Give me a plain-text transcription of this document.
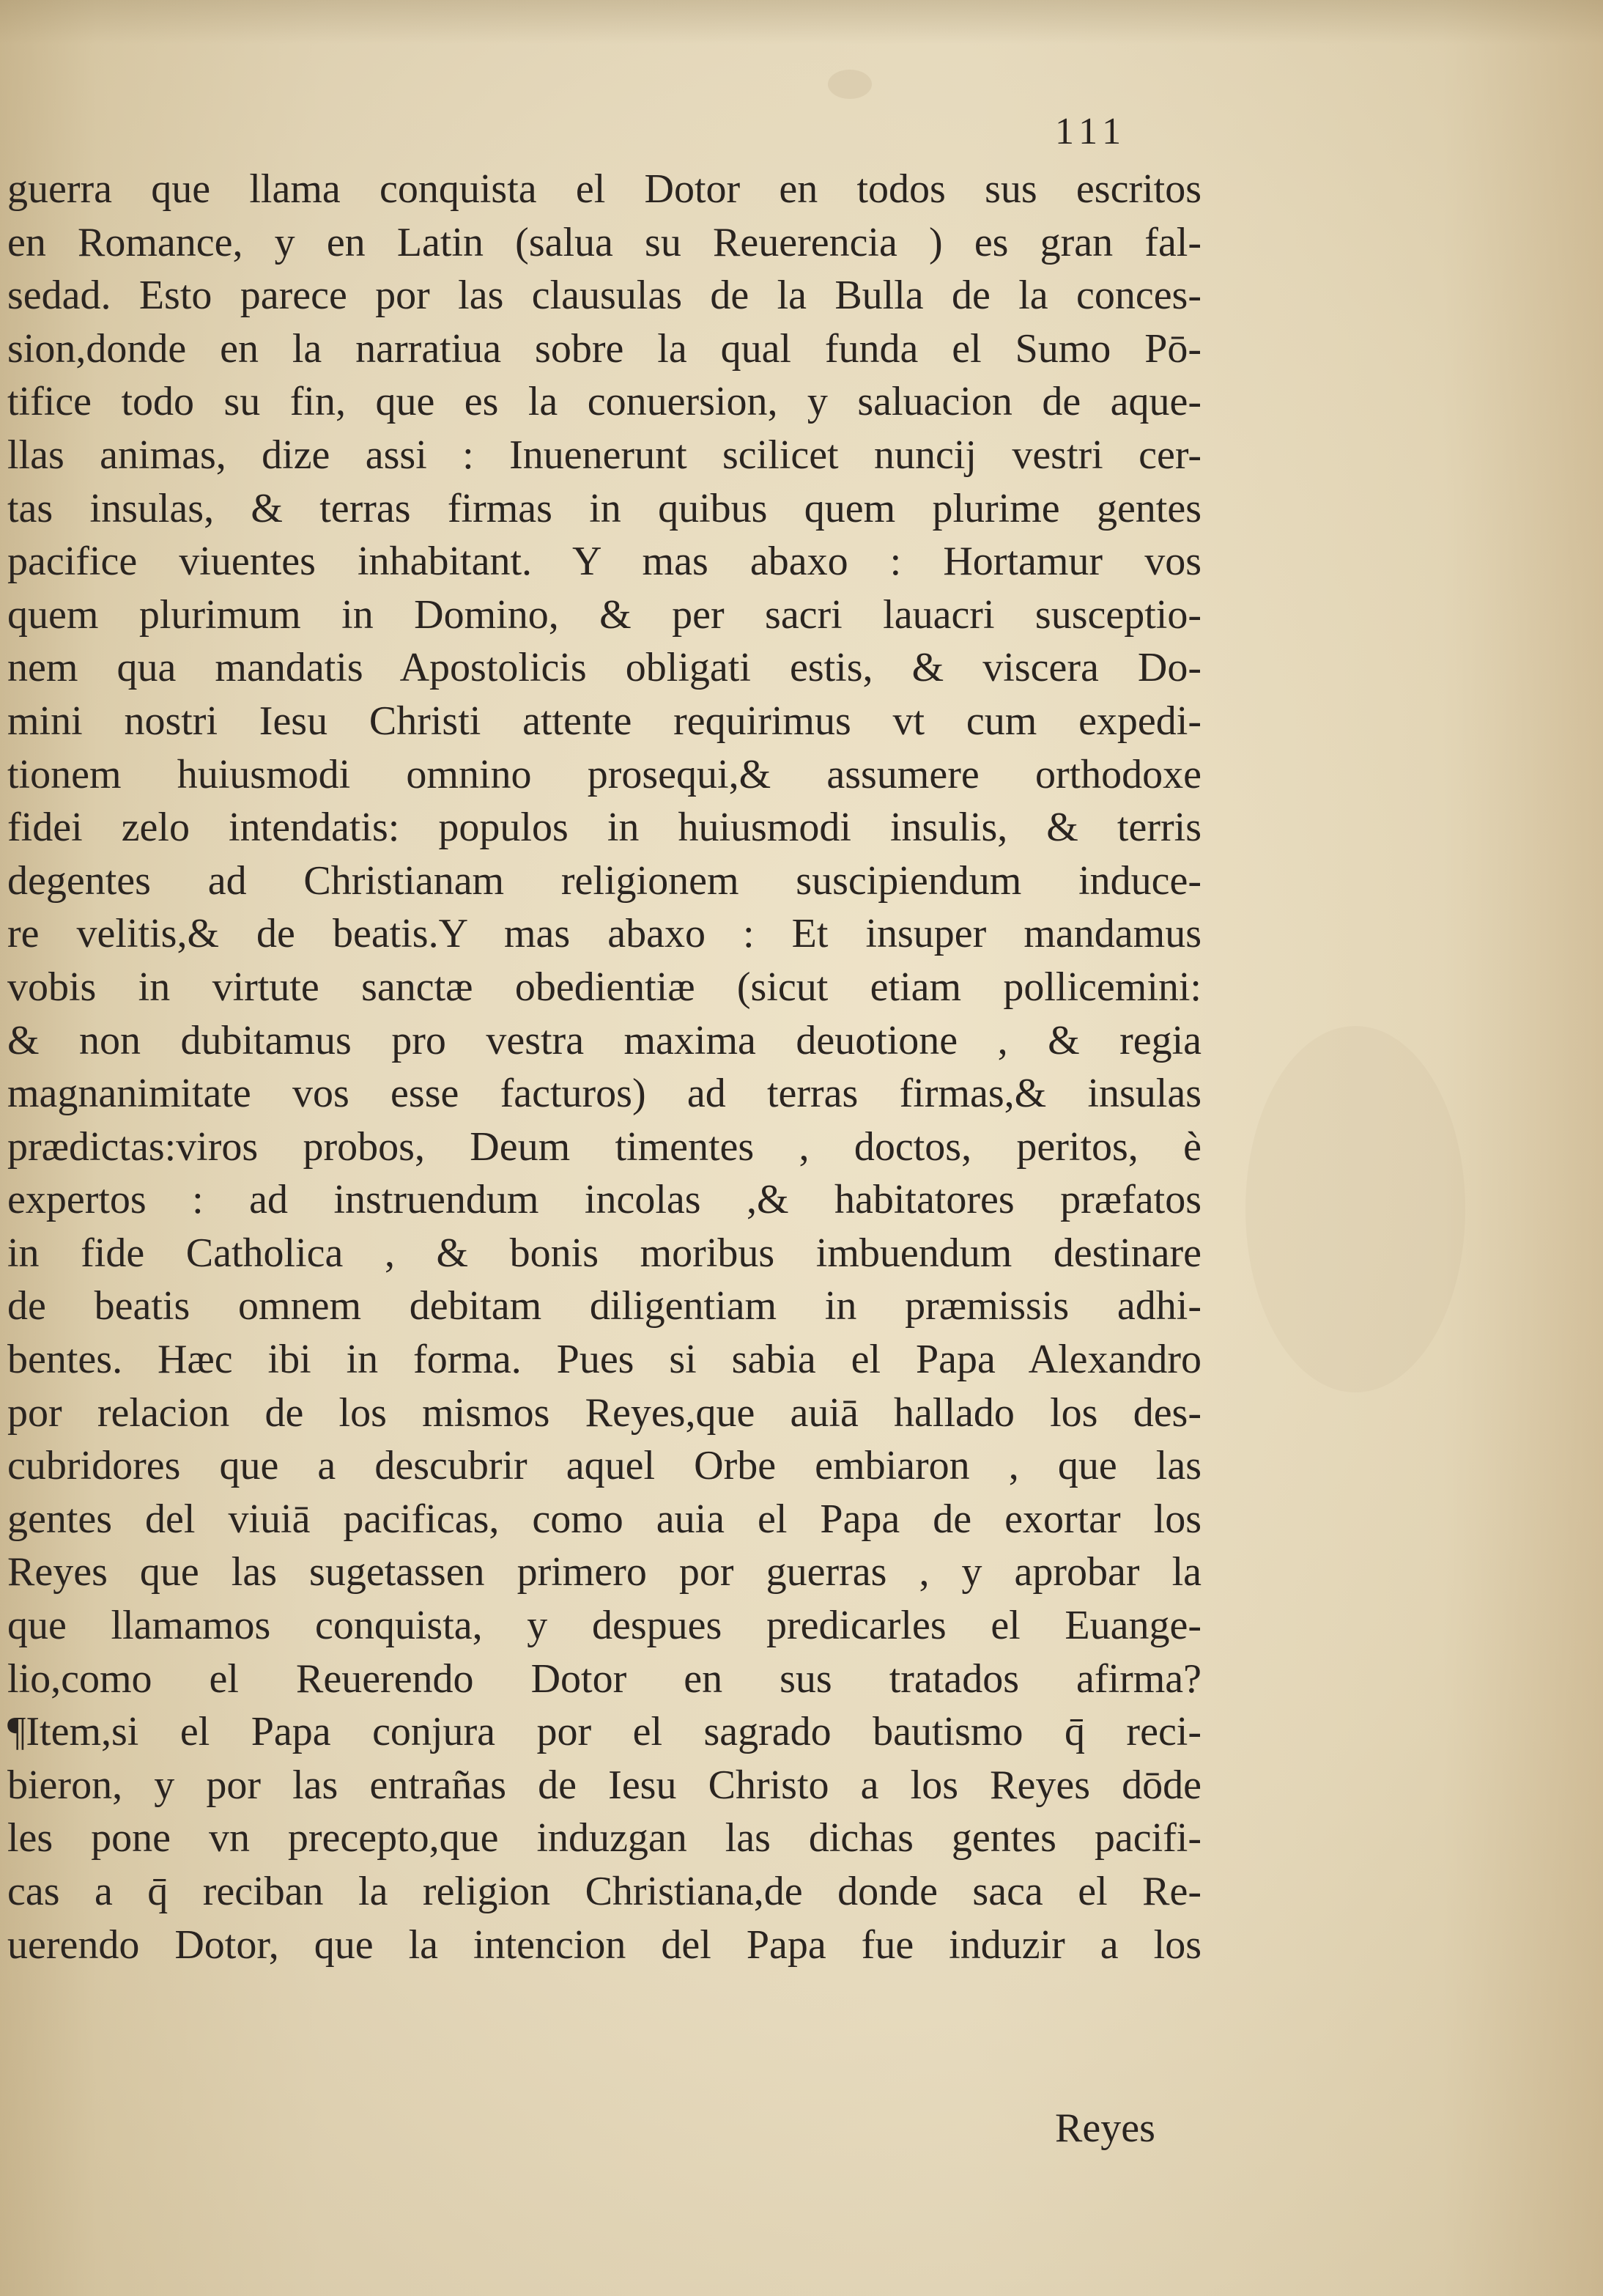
111
guerra que llama conquista el Dotor en todos sus escritos
en Romance, y en Latin (salua su Reuerencia ) es gran fal-
sedad. Esto parece por las clausulas de la Bulla de la conces-
sion,donde en la narratiua sobre la qual funda el Sumo Pō-
tifice todo su fin, que es la conuersion, y saluacion de aque-
llas animas, dize assi : Inuenerunt scilicet nuncij vestri cer-
tas insulas, & terras firmas in quibus quem plurime gentes
pacifice viuentes inhabitant. Y mas abaxo : Hortamur vos
quem plurimum in Domino, & per sacri lauacri susceptio-
nem qua mandatis Apostolicis obligati estis, & viscera Do-
mini nostri Iesu Christi attente requirimus vt cum expedi-
tionem huiusmodi omnino prosequi,& assumere orthodoxe
fidei zelo intendatis: populos in huiusmodi insulis, & terris
degentes ad Christianam religionem suscipiendum induce-
re velitis,& de beatis.Y mas abaxo : Et insuper mandamus
vobis in virtute sanctæ obedientiæ (sicut etiam pollicemini:
& non dubitamus pro vestra maxima deuotione , & regia
magnanimitate vos esse facturos) ad terras firmas,& insulas
prædictas:viros probos, Deum timentes , doctos, peritos, è
expertos : ad instruendum incolas ,& habitatores præfatos
in fide Catholica , & bonis moribus imbuendum destinare
de beatis omnem debitam diligentiam in præmissis adhi-
bentes. Hæc ibi in forma. Pues si sabia el Papa Alexandro
por relacion de los mismos Reyes,que auiā hallado los des-
cubridores que a descubrir aquel Orbe embiaron , que las
gentes del viuiā pacificas, como auia el Papa de exortar los
Reyes que las sugetassen primero por guerras , y aprobar la
que llamamos conquista, y despues predicarles el Euange-
lio,como el Reuerendo Dotor en sus tratados afirma?
¶Item,si el Papa conjura por el sagrado bautismo q̄ reci-
bieron, y por las entrañas de Iesu Christo a los Reyes dōde
les pone vn precepto,que induzgan las dichas gentes pacifi-
cas a q̄ reciban la religion Christiana,de donde saca el Re-
uerendo Dotor, que la intencion del Papa fue induzir a los
Reyes
